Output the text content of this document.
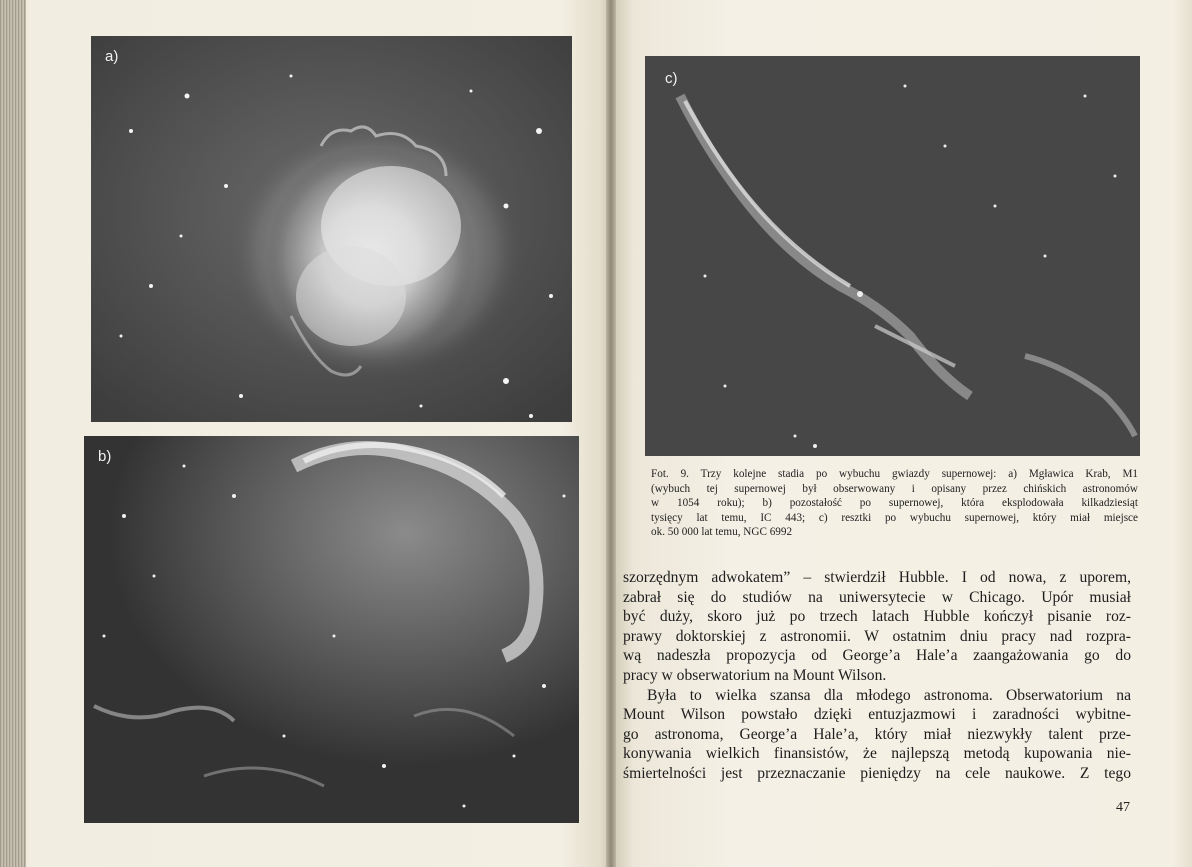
a)
b)
c)
Fot. 9. Trzy kolejne stadia po wybuchu gwiazdy supernowej: a) Mgławica Krab, M1
(wybuch tej supernowej był obserwowany i opisany przez chińskich astronomów
w 1054 roku); b) pozostałość po supernowej, która eksplodowała kilkadziesiąt
tysięcy lat temu, IC 443; c) resztki po wybuchu supernowej, który miał miejsce
ok. 50 000 lat temu, NGC 6992
szorzędnym adwokatem” – stwierdził Hubble. I od nowa, z uporem,
zabrał się do studiów na uniwersytecie w Chicago. Upór musiał
być duży, skoro już po trzech latach Hubble kończył pisanie roz-
prawy doktorskiej z astronomii. W ostatnim dniu pracy nad rozpra-
wą nadeszła propozycja od George’a Hale’a zaangażowania go do
pracy w obserwatorium na Mount Wilson.
Była to wielka szansa dla młodego astronoma. Obserwatorium na
Mount Wilson powstało dzięki entuzjazmowi i zaradności wybitne-
go astronoma, George’a Hale’a, który miał niezwykły talent prze-
konywania wielkich finansistów, że najlepszą metodą kupowania nie-
śmiertelności jest przeznaczanie pieniędzy na cele naukowe. Z tego
47
